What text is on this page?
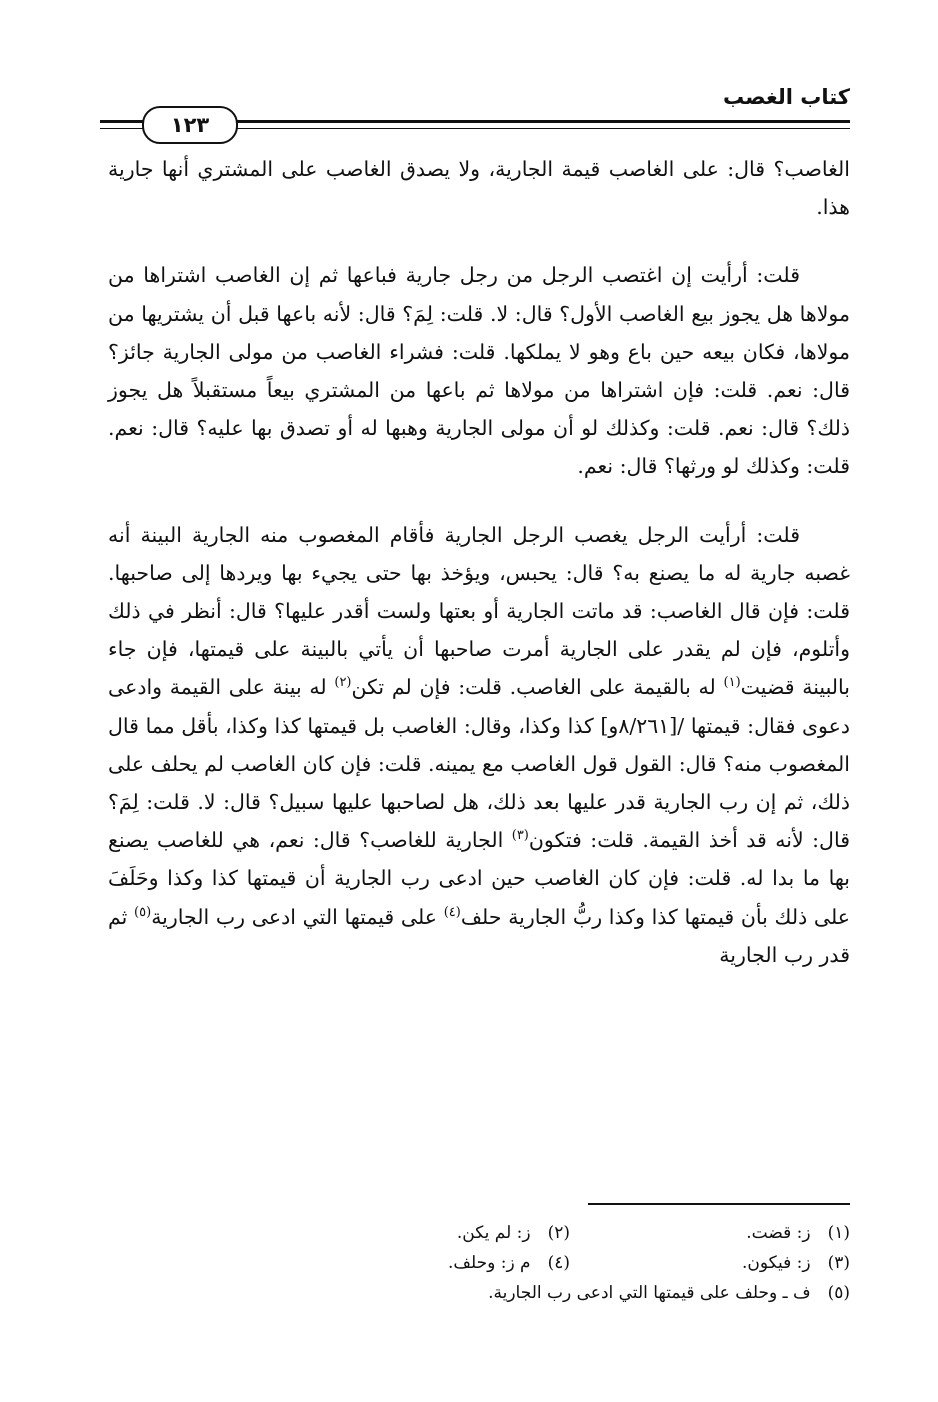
كتاب الغصب
١٢٣

الغاصب؟ قال: على الغاصب قيمة الجارية، ولا يصدق الغاصب على المشتري أنها جارية هذا.

قلت: أرأيت إن اغتصب الرجل من رجل جارية فباعها ثم إن الغاصب اشتراها من مولاها هل يجوز بيع الغاصب الأول؟ قال: لا. قلت: لِمَ؟ قال: لأنه باعها قبل أن يشتريها من مولاها، فكان بيعه حين باع وهو لا يملكها. قلت: فشراء الغاصب من مولى الجارية جائز؟ قال: نعم. قلت: فإن اشتراها من مولاها ثم باعها من المشتري بيعاً مستقبلاً هل يجوز ذلك؟ قال: نعم. قلت: وكذلك لو أن مولى الجارية وهبها له أو تصدق بها عليه؟ قال: نعم. قلت: وكذلك لو ورثها؟ قال: نعم.

قلت: أرأيت الرجل يغصب الرجل الجارية فأقام المغصوب منه الجارية البينة أنه غصبه جارية له ما يصنع به؟ قال: يحبس، ويؤخذ بها حتى يجيء بها ويردها إلى صاحبها. قلت: فإن قال الغاصب: قد ماتت الجارية أو بعتها ولست أقدر عليها؟ قال: أنظر في ذلك وأتلوم، فإن لم يقدر على الجارية أمرت صاحبها أن يأتي بالبينة على قيمتها، فإن جاء بالبينة قضيت$^{(١)}$ له بالقيمة على الغاصب. قلت: فإن لم تكن$^{(٢)}$ له بينة على القيمة وادعى دعوى فقال: قيمتها /[٨/٢٦١و] كذا وكذا، وقال: الغاصب بل قيمتها كذا وكذا، بأقل مما قال المغصوب منه؟ قال: القول قول الغاصب مع يمينه. قلت: فإن كان الغاصب لم يحلف على ذلك، ثم إن رب الجارية قدر عليها بعد ذلك، هل لصاحبها عليها سبيل؟ قال: لا. قلت: لِمَ؟ قال: لأنه قد أخذ القيمة. قلت: فتكون$^{(٣)}$ الجارية للغاصب؟ قال: نعم، هي للغاصب يصنع بها ما بدا له. قلت: فإن كان الغاصب حين ادعى رب الجارية أن قيمتها كذا وكذا وحَلَفَ على ذلك بأن قيمتها كذا وكذا ربُّ الجارية حلف$^{(٤)}$ على قيمتها التي ادعى رب الجارية$^{(٥)}$ ثم قدر رب الجارية

(١) ز: قضت.
(٢) ز: لم يكن.
(٣) ز: فيكون.
(٤) م ز: وحلف.
(٥) ف ـ وحلف على قيمتها التي ادعى رب الجارية.
